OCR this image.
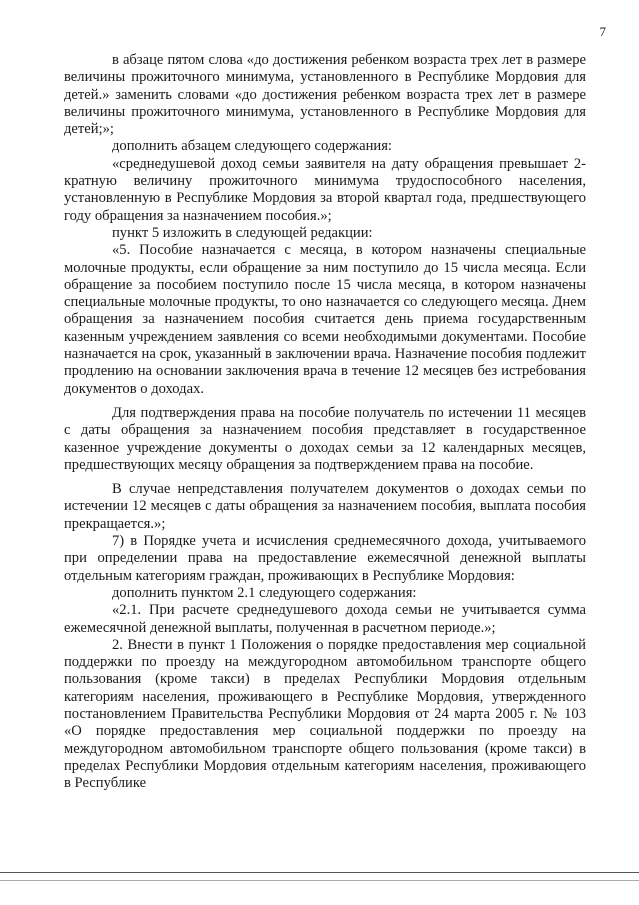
7

в абзаце пятом слова «до достижения ребенком возраста трех лет в размере величины прожиточного минимума, установленного в Республике Мордовия для детей.» заменить словами «до достижения ребенком возраста трех лет в размере величины прожиточного минимума, установленного в Республике Мордовия для детей;»;

дополнить абзацем следующего содержания:

«среднедушевой доход семьи заявителя на дату обращения превышает 2-кратную величину прожиточного минимума трудоспособного населения, установленную в Республике Мордовия за второй квартал года, предшествующего году обращения за назначением пособия.»;

пункт 5 изложить в следующей редакции:

«5. Пособие назначается с месяца, в котором назначены специальные молочные продукты, если обращение за ним поступило до 15 числа месяца. Если обращение за пособием поступило после 15 числа месяца, в котором назначены специальные молочные продукты, то оно назначается со следующего месяца. Днем обращения за назначением пособия считается день приема государственным казенным учреждением заявления со всеми необходимыми документами. Пособие назначается на срок, указанный в заключении врача. Назначение пособия подлежит продлению на основании заключения врача в течение 12 месяцев без истребования документов о доходах.

Для подтверждения права на пособие получатель по истечении 11 месяцев с даты обращения за назначением пособия представляет в государственное казенное учреждение документы о доходах семьи за 12 календарных месяцев, предшествующих месяцу обращения за подтверждением права на пособие.

В случае непредставления получателем документов о доходах семьи по истечении 12 месяцев с даты обращения за назначением пособия, выплата пособия прекращается.»;

7) в Порядке учета и исчисления среднемесячного дохода, учитываемого при определении права на предоставление ежемесячной денежной выплаты отдельным категориям граждан, проживающих в Республике Мордовия:

дополнить пунктом 2.1 следующего содержания:

«2.1. При расчете среднедушевого дохода семьи не учитывается сумма ежемесячной денежной выплаты, полученная в расчетном периоде.»;

2. Внести в пункт 1 Положения о порядке предоставления мер социальной поддержки по проезду на междугородном автомобильном транспорте общего пользования (кроме такси) в пределах Республики Мордовия отдельным категориям населения, проживающего в Республике Мордовия, утвержденного постановлением Правительства Республики Мордовия от 24 марта 2005 г. № 103 «О порядке предоставления мер социальной поддержки по проезду на междугородном автомобильном транспорте общего пользования (кроме такси) в пределах Республики Мордовия отдельным категориям населения, проживающего в Республике
